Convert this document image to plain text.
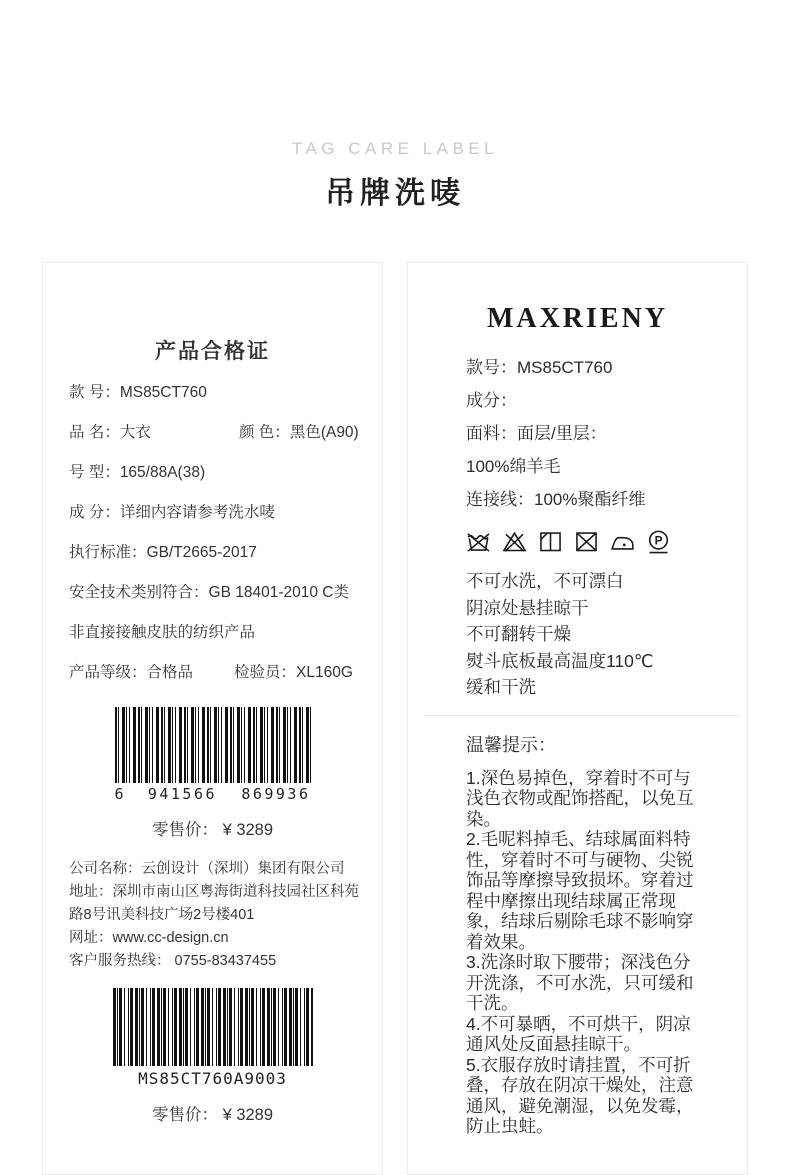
TAG CARE LABEL
吊牌洗唛
产品合格证
款 号：MS85CT760
品 名：大衣	颜 色：黑色(A90)
号 型：165/88A(38)
成 分：详细内容请参考洗水唛
执行标准：GB/T2665-2017
安全技术类别符合：GB 18401-2010 C类
非直接接触皮肤的纺织产品
产品等级：合格品	检验员：XL160G
6 941566 869936
零售价： ¥ 3289
公司名称：云创设计（深圳）集团有限公司
地址：深圳市南山区粤海街道科技园社区科苑路8号讯美科技广场2号楼401
网址：www.cc-design.cn
客户服务热线： 0755-83437455
MS85CT760A9003
零售价： ¥ 3289
MAXRIENY
款号：MS85CT760
成分：
面料：面层/里层：
100%绵羊毛
连接线：100%聚酯纤维
P
不可水洗，不可漂白
阴凉处悬挂晾干
不可翻转干燥
熨斗底板最高温度110℃
缓和干洗
温馨提示：

1.深色易掉色，穿着时不可与浅色衣物或配饰搭配，以免互染。

2.毛呢料掉毛、结球属面料特性，穿着时不可与硬物、尖锐饰品等摩擦导致损坏。穿着过程中摩擦出现结球属正常现象，结球后剔除毛球不影响穿着效果。

3.洗涤时取下腰带；深浅色分开洗涤，不可水洗，只可缓和干洗。

4.不可暴晒，不可烘干，阴凉通风处反面悬挂晾干。

5.衣服存放时请挂置，不可折叠，存放在阴凉干燥处，注意通风，避免潮湿，以免发霉，防止虫蛀。
